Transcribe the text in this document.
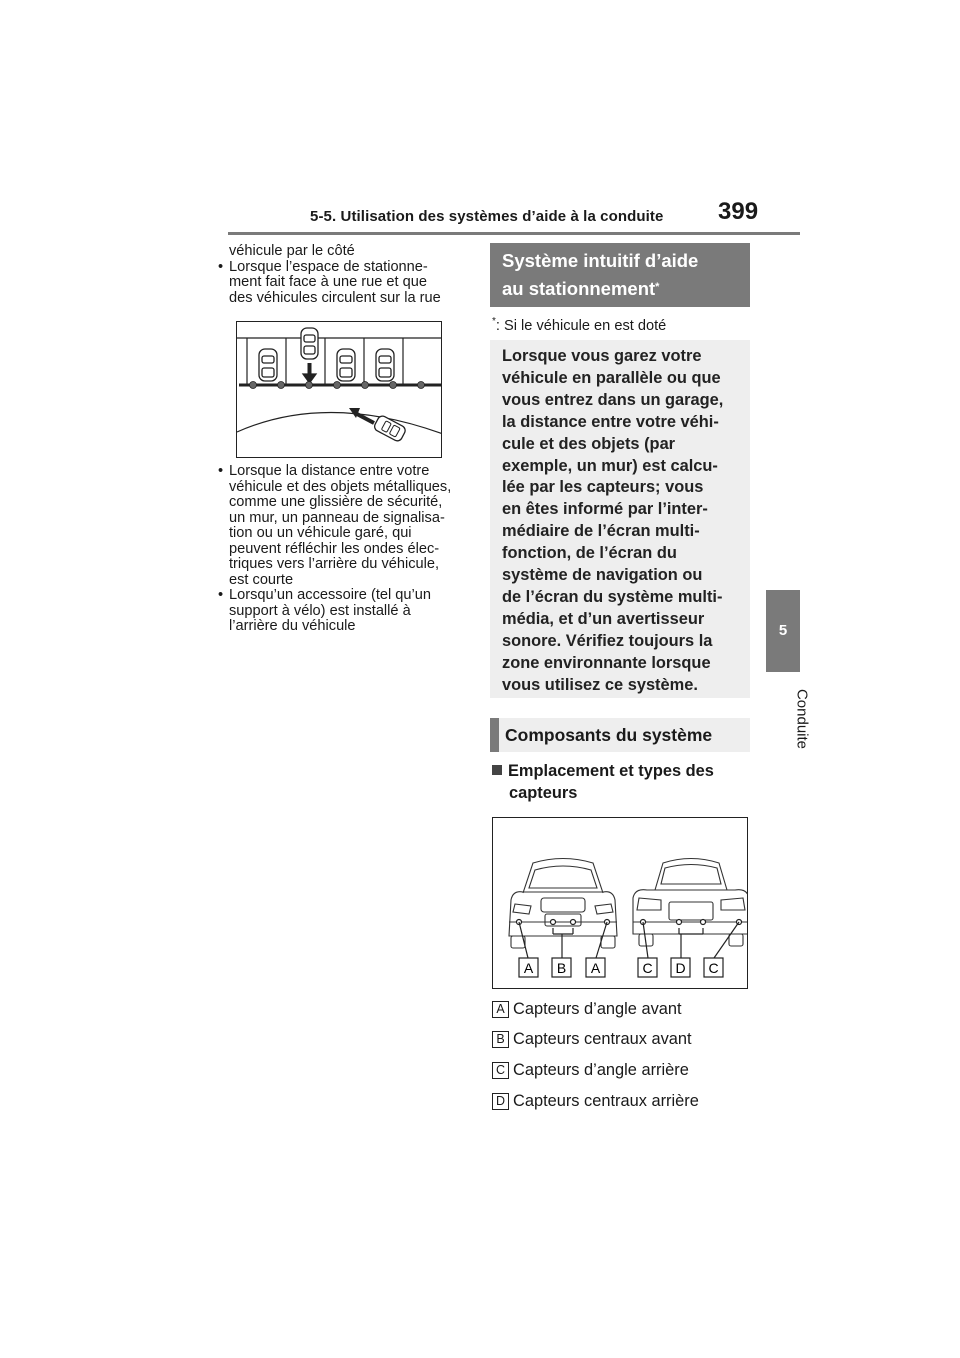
5-5. Utilisation des systèmes d’aide à la conduite 399
5
Conduite
véhicule par le côté
• Lorsque l’espace de stationne-
ment fait face à une rue et que
des véhicules circulent sur la rue
• Lorsque la distance entre votre
véhicule et des objets métalliques,
comme une glissière de sécurité,
un mur, un panneau de signalisa-
tion ou un véhicule garé, qui
peuvent réfléchir les ondes élec-
triques vers l’arrière du véhicule,
est courte
• Lorsqu’un accessoire (tel qu’un
support à vélo) est installé à
l’arrière du véhicule
Système intuitif d’aide
au stationnement*
*: Si le véhicule en est doté
Lorsque vous garez votre
véhicule en parallèle ou que
vous entrez dans un garage,
la distance entre votre véhi-
cule et des objets (par
exemple, un mur) est calcu-
lée par les capteurs; vous
en êtes informé par l’inter-
médiaire de l’écran multi-
fonction, de l’écran du
système de navigation ou
de l’écran du système multi-
média, et d’un avertisseur
sonore. Vérifiez toujours la
zone environnante lorsque
vous utilisez ce système.
Composants du système
Emplacement et types des
capteurs
A B A	C D C
A Capteurs d’angle avant
B Capteurs centraux avant
C Capteurs d’angle arrière
D Capteurs centraux arrière
